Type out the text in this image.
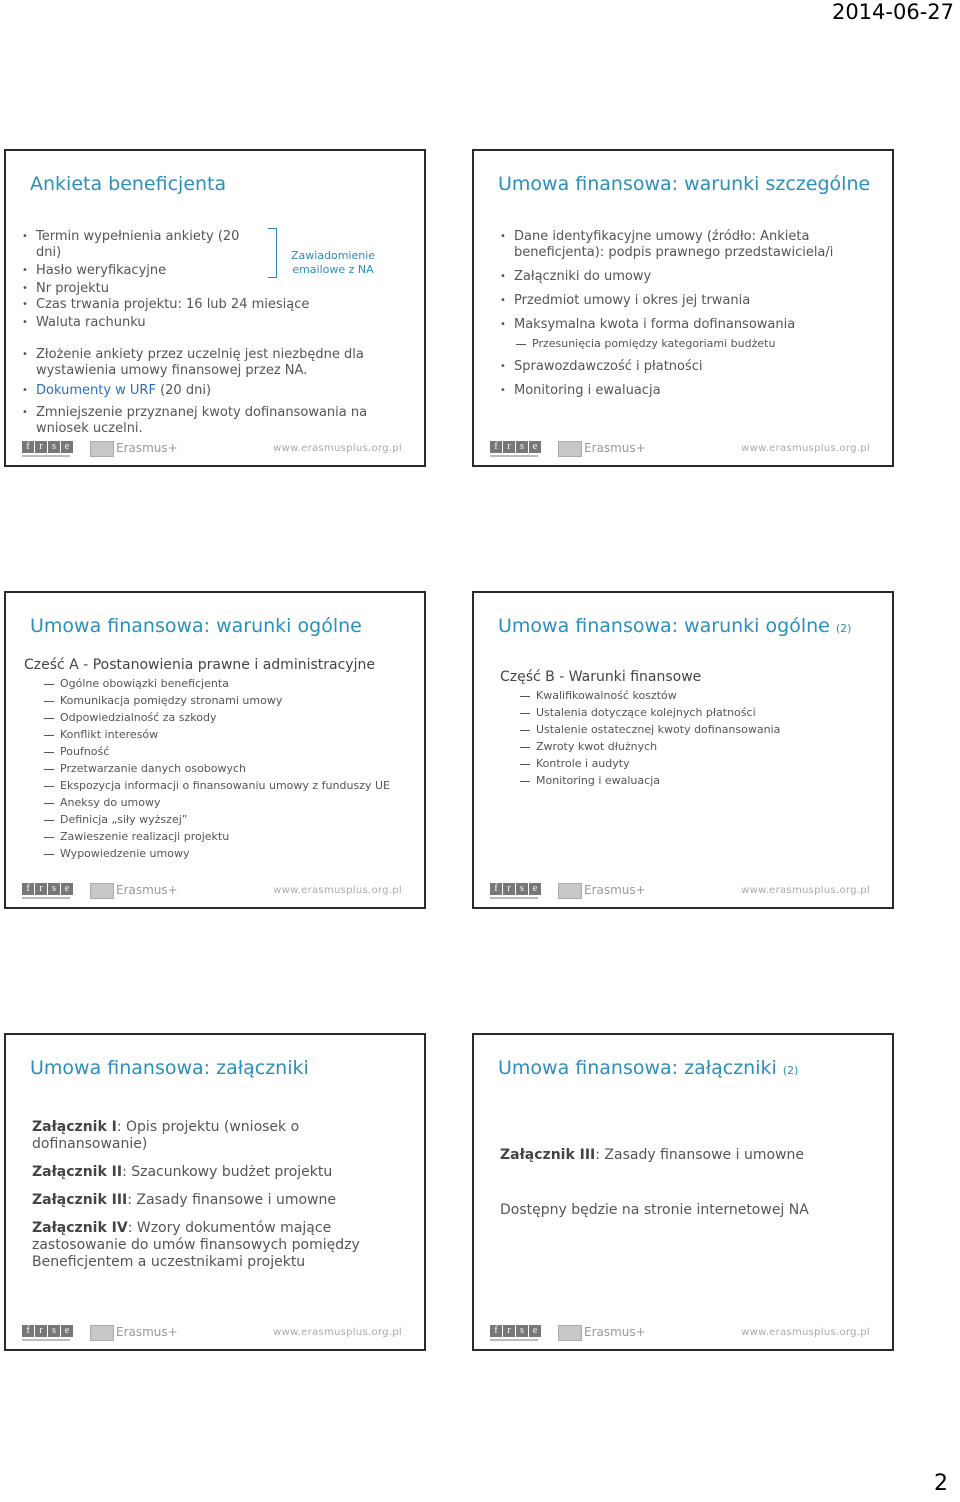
2014-06-27
Ankieta beneficjenta
• Termin wypełnienia ankiety (20 dni)
• Hasło weryfikacyjne
• Nr projektu
Zawiadomienie emailowe z NA
• Czas trwania projektu: 16 lub 24 miesiące
• Waluta rachunku
• Złożenie ankiety przez uczelnię jest niezbędne dla wystawienia umowy finansowej przez NA.
• Dokumenty w URF (20 dni)
• Zmniejszenie przyznanej kwoty dofinansowania na wniosek uczelni.
f r s e	Erasmus+	www.erasmusplus.org.pl
Umowa finansowa: warunki szczególne
• Dane identyfikacyjne umowy (źródło: Ankieta beneficjenta): podpis prawnego przedstawiciela/i
• Załączniki do umowy
• Przedmiot umowy i okres jej trwania
• Maksymalna kwota i forma dofinansowania
Przesunięcia pomiędzy kategoriami budżetu
• Sprawozdawczość i płatności
• Monitoring i ewaluacja
f r s e	Erasmus+	www.erasmusplus.org.pl
Umowa finansowa: warunki ogólne
Cześć A - Postanowienia prawne i administracyjne
Ogólne obowiązki beneficjenta
Komunikacja pomiędzy stronami umowy
Odpowiedzialność za szkody
Konflikt interesów
Poufność
Przetwarzanie danych osobowych
Ekspozycja informacji o finansowaniu umowy z funduszy UE
Aneksy do umowy
Definicja „siły wyższej”
Zawieszenie realizacji projektu
Wypowiedzenie umowy
f r s e	Erasmus+	www.erasmusplus.org.pl
Umowa finansowa: warunki ogólne (2)
Część B - Warunki finansowe
Kwalifikowalność kosztów
Ustalenia dotyczące kolejnych płatności
Ustalenie ostatecznej kwoty dofinansowania
Zwroty kwot dłużnych
Kontrole i audyty
Monitoring i ewaluacja
f r s e	Erasmus+	www.erasmusplus.org.pl
Umowa finansowa: załączniki
Załącznik I: Opis projektu (wniosek o dofinansowanie)
Załącznik II: Szacunkowy budżet projektu
Załącznik III: Zasady finansowe i umowne
Załącznik IV: Wzory dokumentów mające zastosowanie do umów finansowych pomiędzy Beneficjentem a uczestnikami projektu
f r s e	Erasmus+	www.erasmusplus.org.pl
Umowa finansowa: załączniki (2)
Załącznik III: Zasady finansowe i umowne
Dostępny będzie na stronie internetowej NA
f r s e	Erasmus+	www.erasmusplus.org.pl
2
